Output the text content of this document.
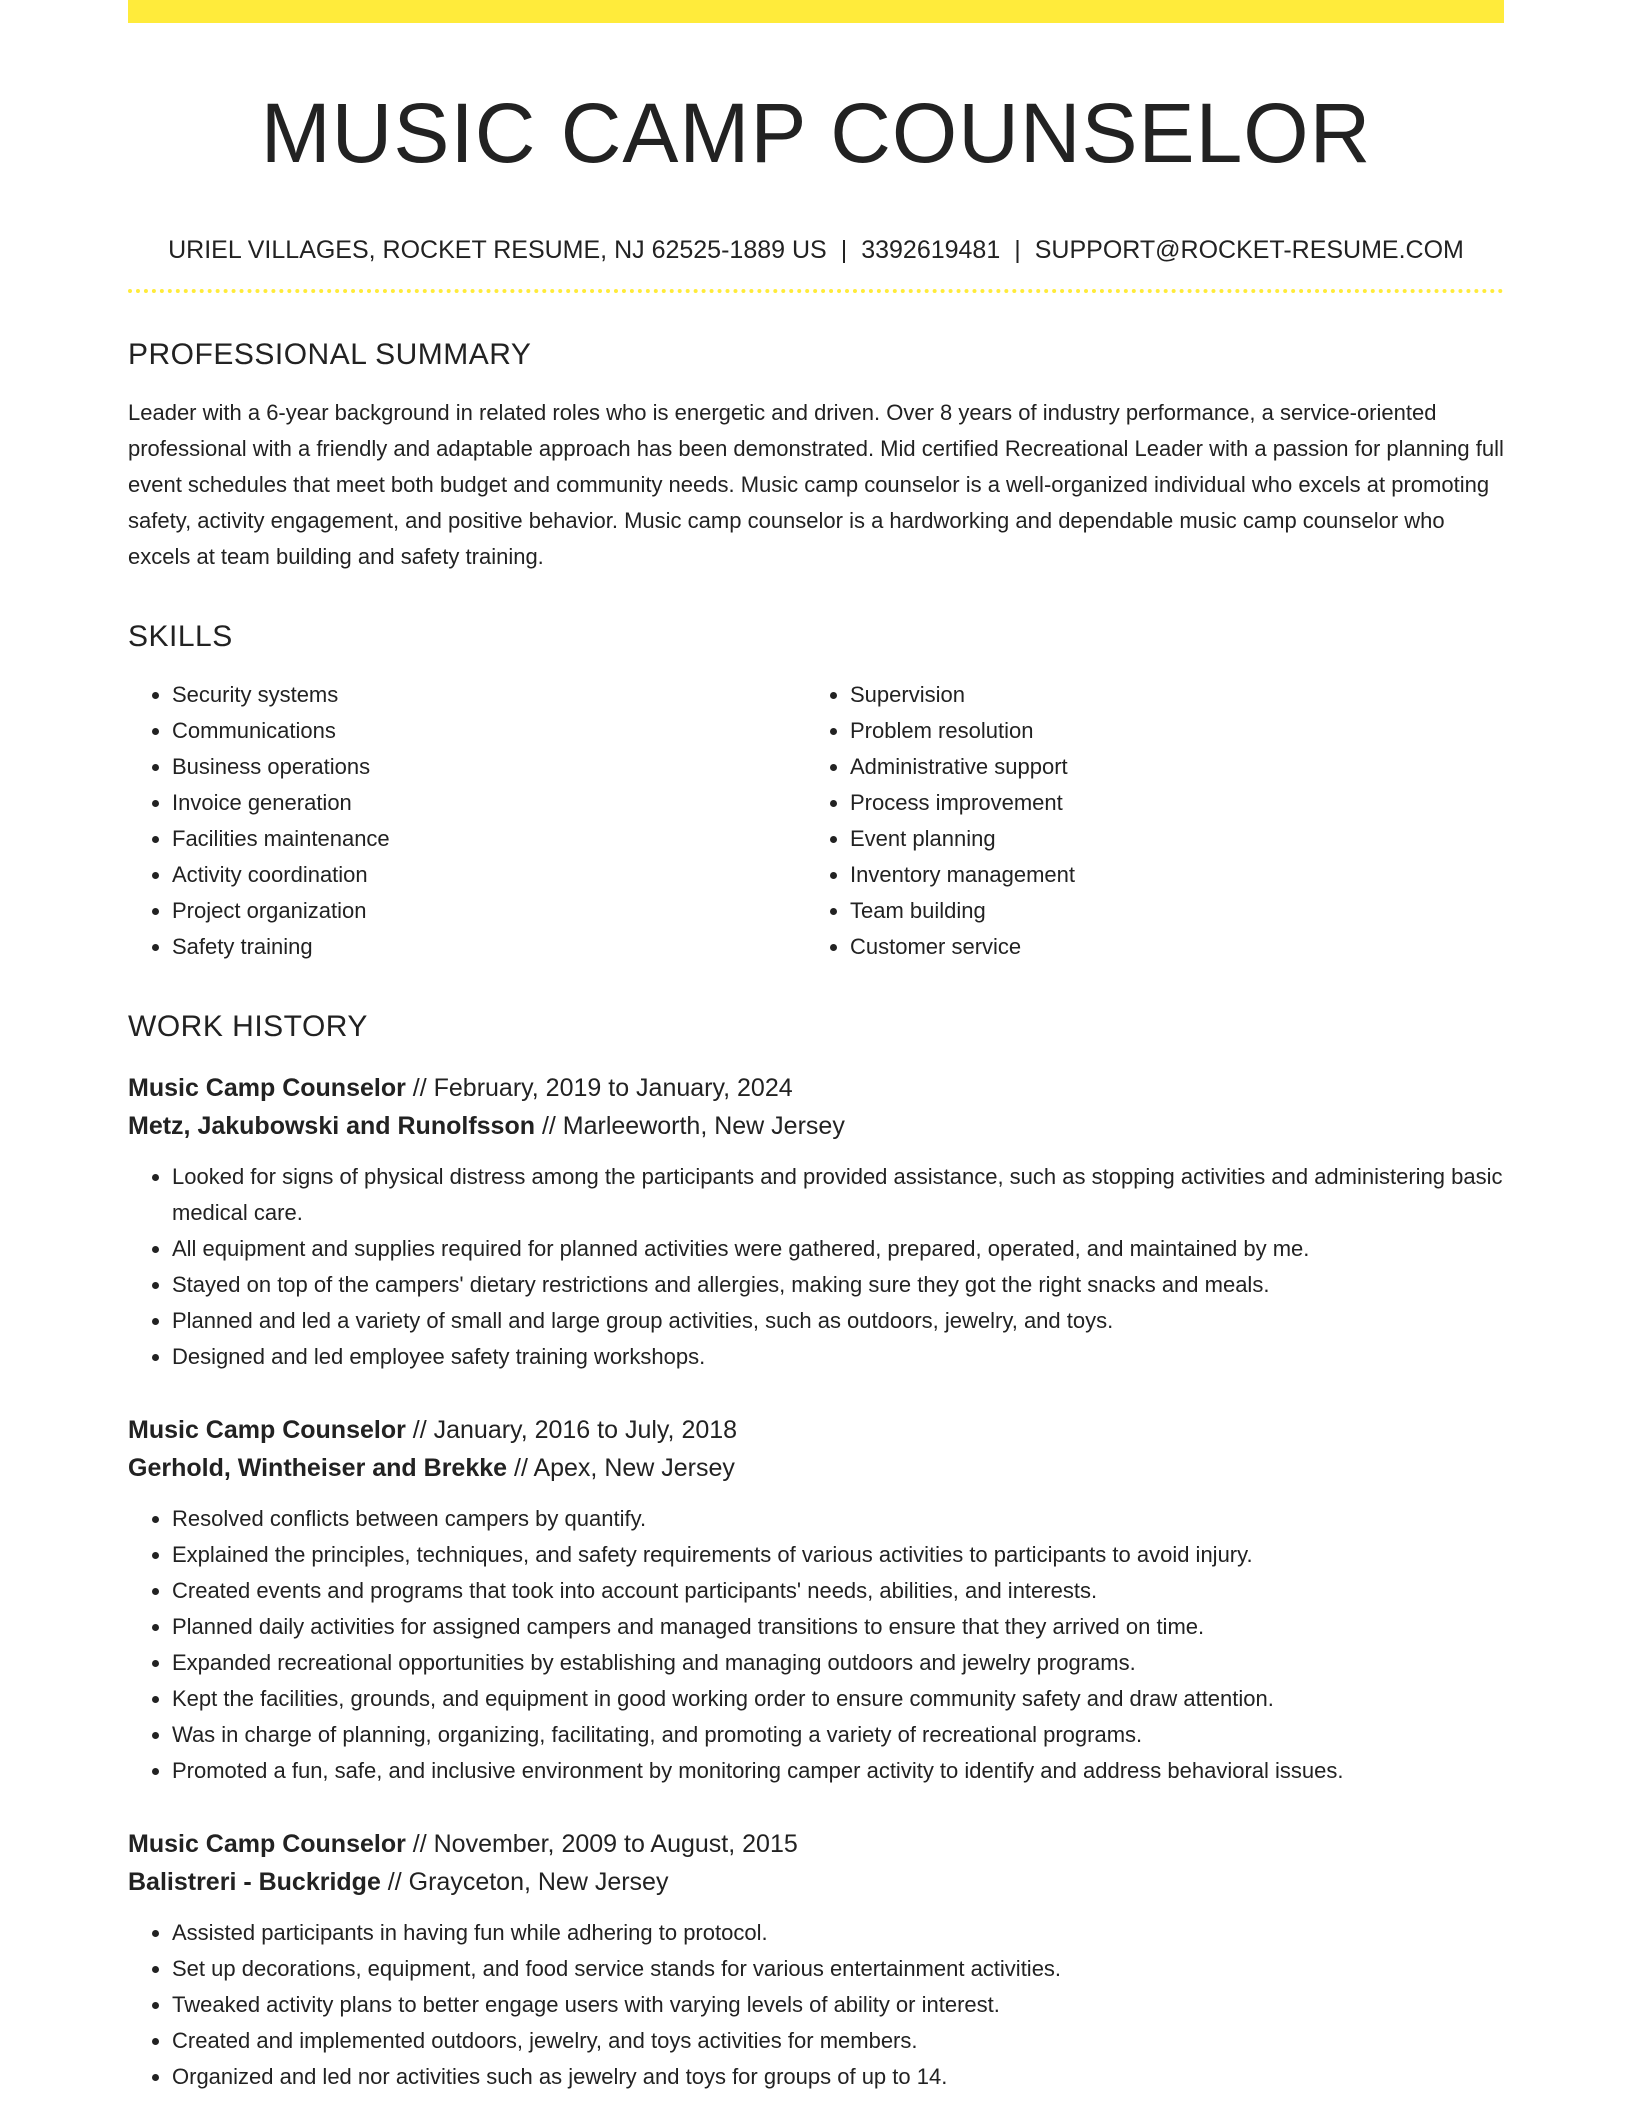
MUSIC CAMP COUNSELOR
URIEL VILLAGES, ROCKET RESUME, NJ 62525-1889 US | 3392619481 | SUPPORT@ROCKET-RESUME.COM
PROFESSIONAL SUMMARY

Leader with a 6-year background in related roles who is energetic and driven. Over 8 years of industry performance, a service-oriented professional with a friendly and adaptable approach has been demonstrated. Mid certified Recreational Leader with a passion for planning full event schedules that meet both budget and community needs. Music camp counselor is a well-organized individual who excels at promoting safety, activity engagement, and positive behavior. Music camp counselor is a hardworking and dependable music camp counselor who excels at team building and safety training.

SKILLS
• Security systems
• Communications
• Business operations
• Invoice generation
• Facilities maintenance
• Activity coordination
• Project organization
• Safety training
• Supervision
• Problem resolution
• Administrative support
• Process improvement
• Event planning
• Inventory management
• Team building
• Customer service
WORK HISTORY
Music Camp Counselor // February, 2019 to January, 2024
Metz, Jakubowski and Runolfsson // Marleeworth, New Jersey
• Looked for signs of physical distress among the participants and provided assistance, such as stopping activities and administering basic medical care.
• All equipment and supplies required for planned activities were gathered, prepared, operated, and maintained by me.
• Stayed on top of the campers' dietary restrictions and allergies, making sure they got the right snacks and meals.
• Planned and led a variety of small and large group activities, such as outdoors, jewelry, and toys.
• Designed and led employee safety training workshops.
Music Camp Counselor // January, 2016 to July, 2018
Gerhold, Wintheiser and Brekke // Apex, New Jersey
• Resolved conflicts between campers by quantify.
• Explained the principles, techniques, and safety requirements of various activities to participants to avoid injury.
• Created events and programs that took into account participants' needs, abilities, and interests.
• Planned daily activities for assigned campers and managed transitions to ensure that they arrived on time.
• Expanded recreational opportunities by establishing and managing outdoors and jewelry programs.
• Kept the facilities, grounds, and equipment in good working order to ensure community safety and draw attention.
• Was in charge of planning, organizing, facilitating, and promoting a variety of recreational programs.
• Promoted a fun, safe, and inclusive environment by monitoring camper activity to identify and address behavioral issues.
Music Camp Counselor // November, 2009 to August, 2015
Balistreri - Buckridge // Grayceton, New Jersey
• Assisted participants in having fun while adhering to protocol.
• Set up decorations, equipment, and food service stands for various entertainment activities.
• Tweaked activity plans to better engage users with varying levels of ability or interest.
• Created and implemented outdoors, jewelry, and toys activities for members.
• Organized and led nor activities such as jewelry and toys for groups of up to 14.
